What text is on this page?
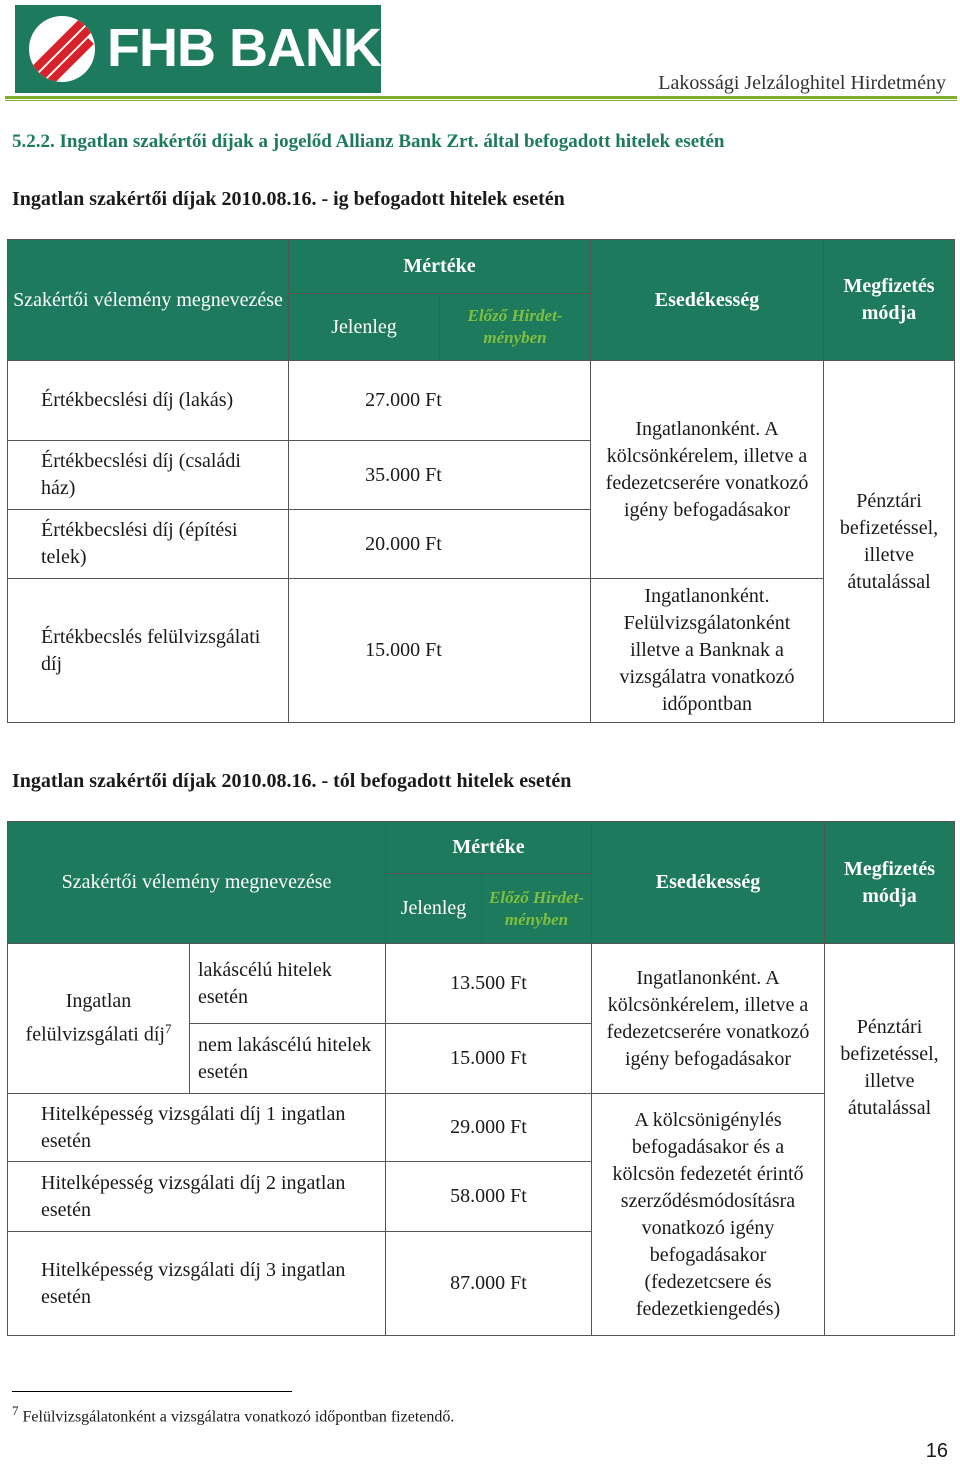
FHB BANK
Lakossági Jelzáloghitel Hirdetmény
5.2.2. Ingatlan szakértői díjak a jogelőd Allianz Bank Zrt. által befogadott hitelek esetén
Ingatlan szakértői díjak 2010.08.16. - ig befogadott hitelek esetén
Szakértői vélemény megnevezése	Mértéke		Esedékesség	Megfizetés módja
	Jelenleg	Előző Hirdet-ményben		
Értékbecslési díj (lakás)	27.000 Ft		Ingatlanonként. A kölcsönkérelem, illetve a fedezetcserére vonatkozó igény befogadásakor	Pénztári befizetéssel, illetve átutalással
Értékbecslési díj (családi ház)	35.000 Ft			
Értékbecslési díj (építési telek)	20.000 Ft			
Értékbecslés felülvizsgálati díj	15.000 Ft		Ingatlanonként. Felülvizsgálatonként illetve a Banknak a vizsgálatra vonatkozó időpontban	
Ingatlan szakértői díjak 2010.08.16. - tól befogadott hitelek esetén
Szakértői vélemény megnevezése		Mértéke		Esedékesség	Megfizetés módja
		Jelenleg	Előző Hirdet-ményben		
Ingatlan felülvizsgálati díj$^7$	lakáscélú hitelek esetén	13.500 Ft		Ingatlanonként. A kölcsönkérelem, illetve a fedezetcserére vonatkozó igény befogadásakor	Pénztári befizetéssel, illetve átutalással
	nem lakáscélú hitelek esetén	15.000 Ft			
Hitelképesség vizsgálati díj 1 ingatlan esetén		29.000 Ft		A kölcsönigénylés befogadásakor és a kölcsön fedezetét érintő szerződésmódosításra vonatkozó igény befogadásakor (fedezetcsere és fedezetkiengedés)	
Hitelképesség vizsgálati díj 2 ingatlan esetén		58.000 Ft			
Hitelképesség vizsgálati díj 3 ingatlan esetén		87.000 Ft			
$^7$ Felülvizsgálatonként a vizsgálatra vonatkozó időpontban fizetendő.
16
